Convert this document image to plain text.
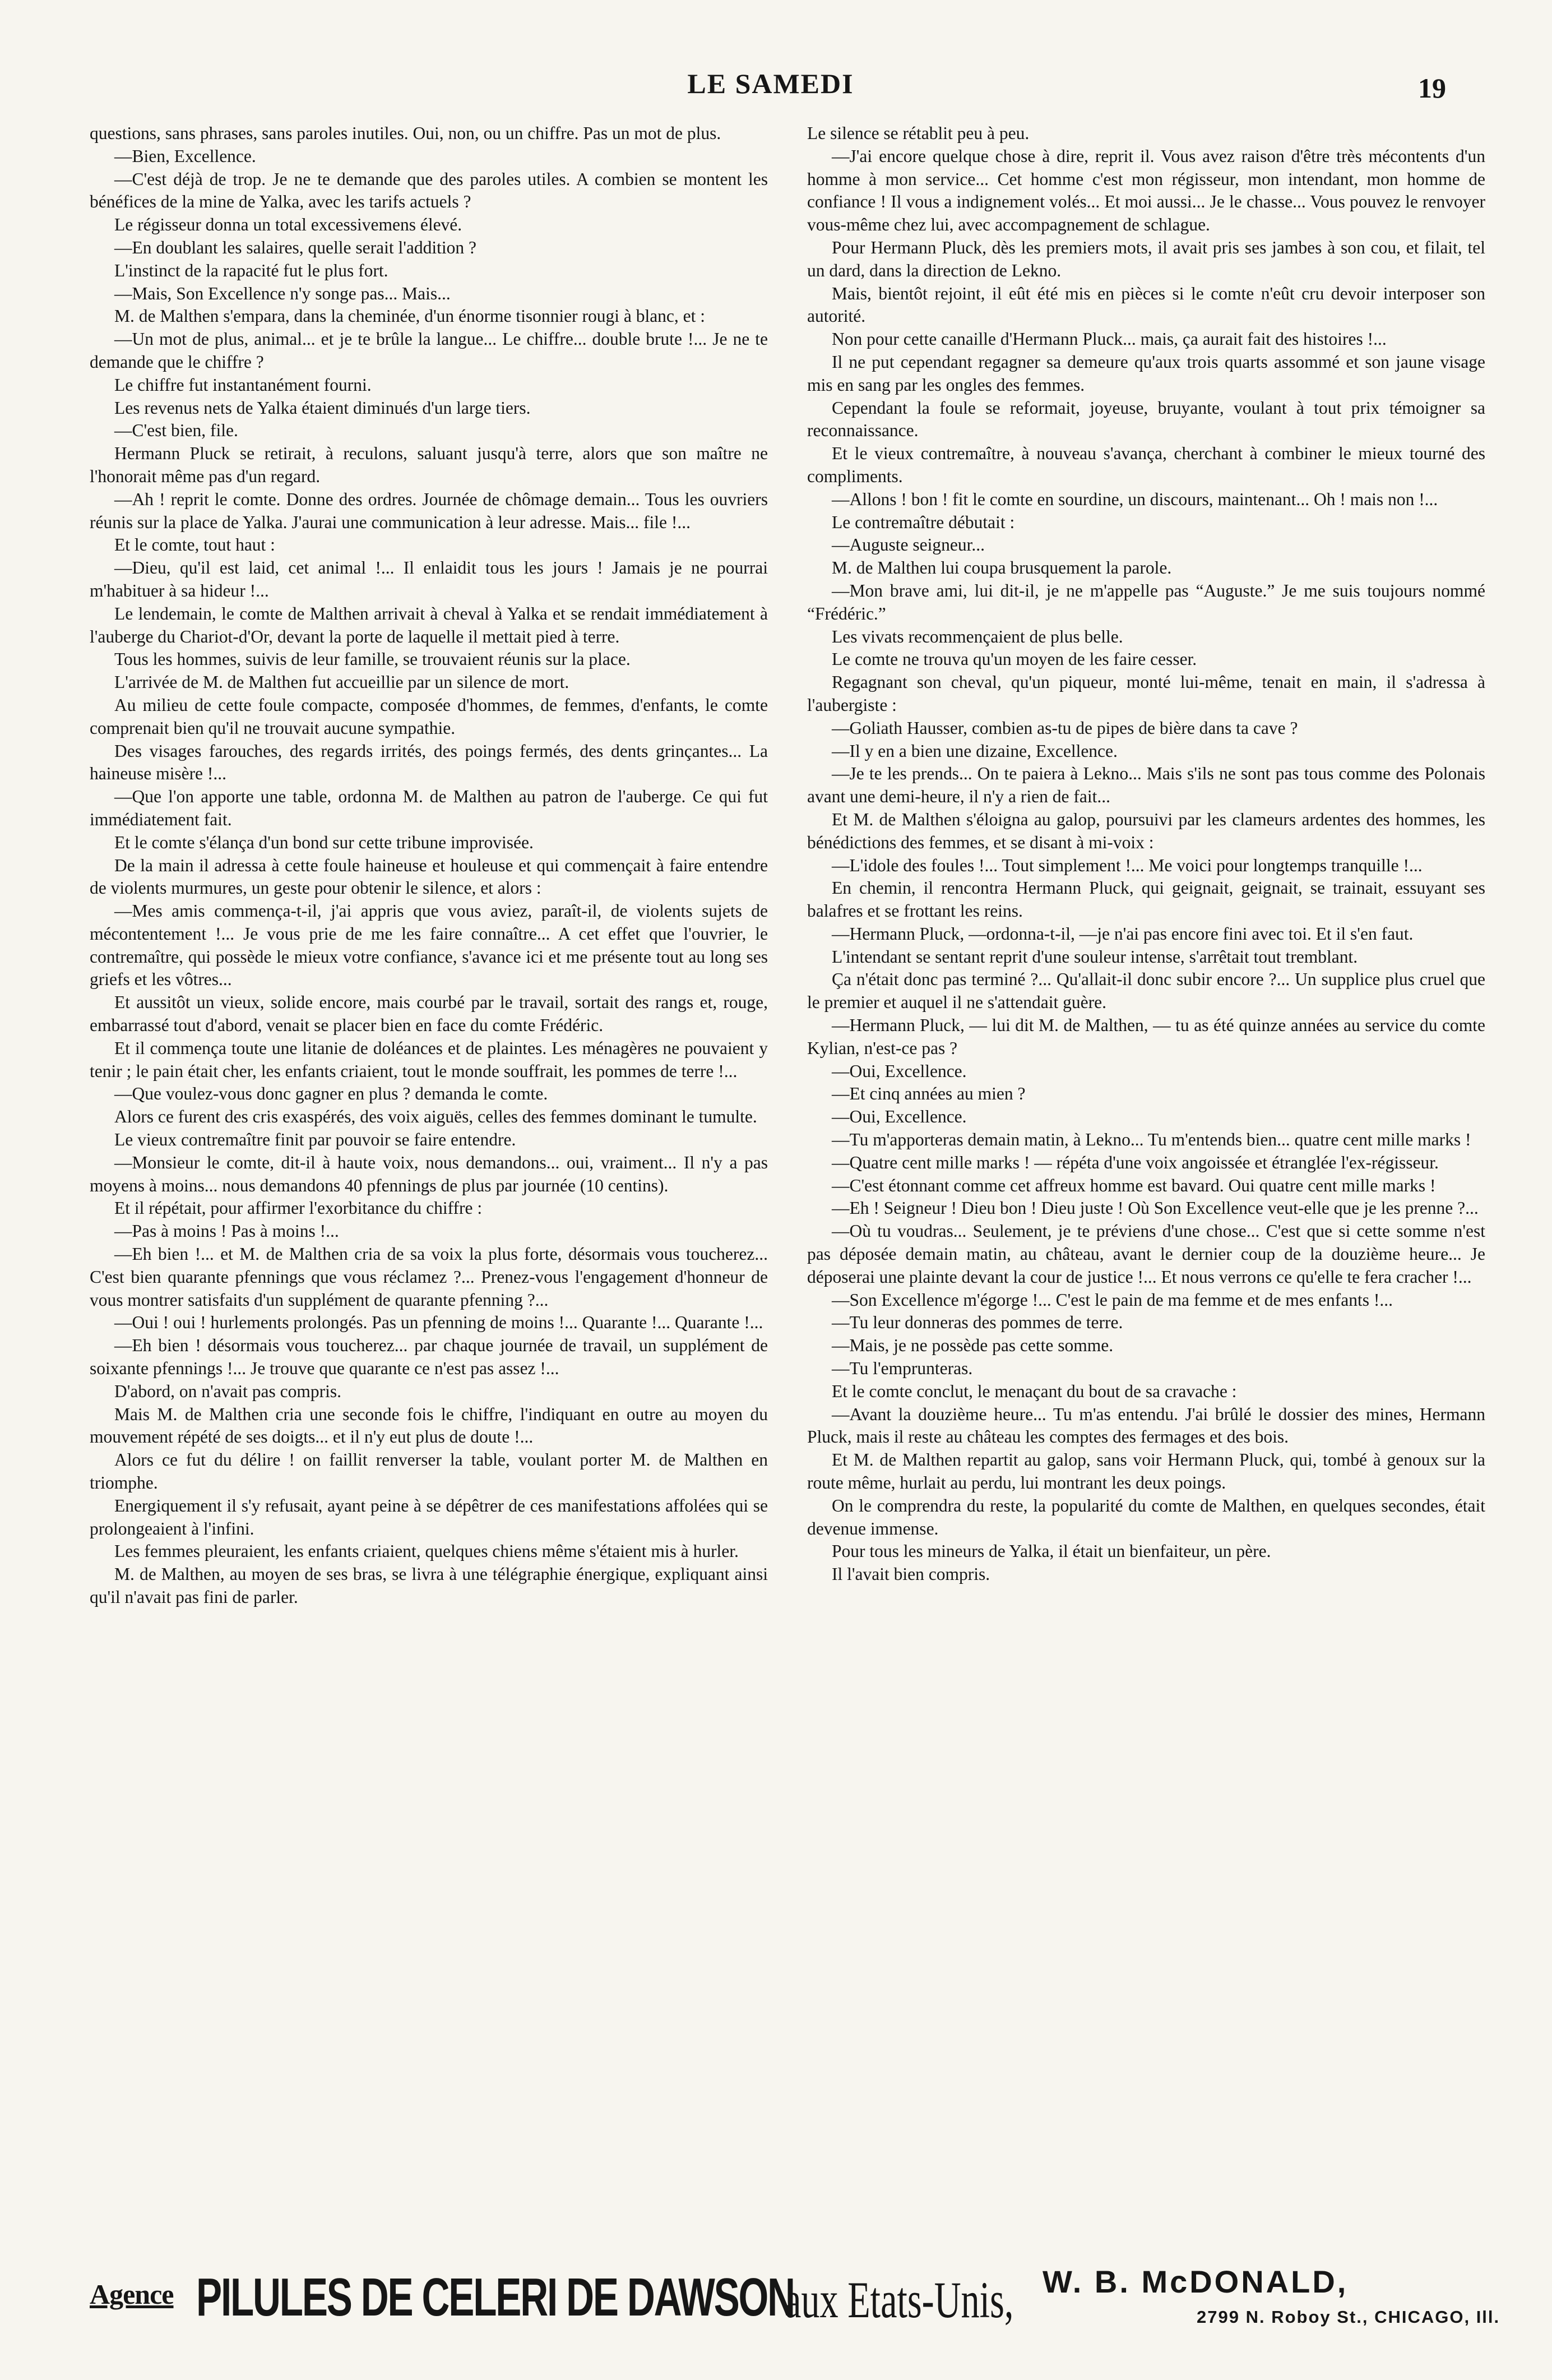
LE SAMEDI	19

questions, sans phrases, sans paroles inutiles. Oui, non, ou un chiffre. Pas un mot de plus.

—Bien, Excellence.

—C'est déjà de trop. Je ne te demande que des paroles utiles. A combien se montent les bénéfices de la mine de Yalka, avec les tarifs actuels ?

Le régisseur donna un total excessivemens élevé.

—En doublant les salaires, quelle serait l'addition ?

L'instinct de la rapacité fut le plus fort.

—Mais, Son Excellence n'y songe pas... Mais...

M. de Malthen s'empara, dans la cheminée, d'un énorme tisonnier rougi à blanc, et :

—Un mot de plus, animal... et je te brûle la langue... Le chiffre... double brute !... Je ne te demande que le chiffre ?

Le chiffre fut instantanément fourni.

Les revenus nets de Yalka étaient diminués d'un large tiers.

—C'est bien, file.

Hermann Pluck se retirait, à reculons, saluant jusqu'à terre, alors que son maître ne l'honorait même pas d'un regard.

—Ah ! reprit le comte. Donne des ordres. Journée de chômage demain... Tous les ouvriers réunis sur la place de Yalka. J'aurai une communication à leur adresse. Mais... file !...

Et le comte, tout haut :

—Dieu, qu'il est laid, cet animal !... Il enlaidit tous les jours ! Jamais je ne pourrai m'habituer à sa hideur !...

Le lendemain, le comte de Malthen arrivait à cheval à Yalka et se rendait immédiatement à l'auberge du Chariot-d'Or, devant la porte de laquelle il mettait pied à terre.

Tous les hommes, suivis de leur famille, se trouvaient réunis sur la place.

L'arrivée de M. de Malthen fut accueillie par un silence de mort.

Au milieu de cette foule compacte, composée d'hommes, de femmes, d'enfants, le comte comprenait bien qu'il ne trouvait aucune sympathie.

Des visages farouches, des regards irrités, des poings fermés, des dents grinçantes... La haineuse misère !...

—Que l'on apporte une table, ordonna M. de Malthen au patron de l'auberge. Ce qui fut immédiatement fait.

Et le comte s'élança d'un bond sur cette tribune improvisée.

De la main il adressa à cette foule haineuse et houleuse et qui commençait à faire entendre de violents murmures, un geste pour obtenir le silence, et alors :

—Mes amis commença-t-il, j'ai appris que vous aviez, paraît-il, de violents sujets de mécontentement !... Je vous prie de me les faire connaître... A cet effet que l'ouvrier, le contremaître, qui possède le mieux votre confiance, s'avance ici et me présente tout au long ses griefs et les vôtres...

Et aussitôt un vieux, solide encore, mais courbé par le travail, sortait des rangs et, rouge, embarrassé tout d'abord, venait se placer bien en face du comte Frédéric.

Et il commença toute une litanie de doléances et de plaintes. Les ménagères ne pouvaient y tenir ; le pain était cher, les enfants criaient, tout le monde souffrait, les pommes de terre !...

—Que voulez-vous donc gagner en plus ? demanda le comte.

Alors ce furent des cris exaspérés, des voix aiguës, celles des femmes dominant le tumulte.

Le vieux contremaître finit par pouvoir se faire entendre.

—Monsieur le comte, dit-il à haute voix, nous demandons... oui, vraiment... Il n'y a pas moyens à moins... nous demandons 40 pfennings de plus par journée (10 centins).

Et il répétait, pour affirmer l'exorbitance du chiffre :

—Pas à moins ! Pas à moins !...

—Eh bien !... et M. de Malthen cria de sa voix la plus forte, désormais vous toucherez... C'est bien quarante pfennings que vous réclamez ?... Prenez-vous l'engagement d'honneur de vous montrer satisfaits d'un supplément de quarante pfenning ?...

—Oui ! oui ! hurlements prolongés. Pas un pfenning de moins !... Quarante !... Quarante !...

—Eh bien ! désormais vous toucherez... par chaque journée de travail, un supplément de soixante pfennings !... Je trouve que quarante ce n'est pas assez !...

D'abord, on n'avait pas compris.

Mais M. de Malthen cria une seconde fois le chiffre, l'indiquant en outre au moyen du mouvement répété de ses doigts... et il n'y eut plus de doute !...

Alors ce fut du délire ! on faillit renverser la table, voulant porter M. de Malthen en triomphe.

Energiquement il s'y refusait, ayant peine à se dépêtrer de ces manifestations affolées qui se prolongeaient à l'infini.

Les femmes pleuraient, les enfants criaient, quelques chiens même s'étaient mis à hurler.

M. de Malthen, au moyen de ses bras, se livra à une télégraphie énergique, expliquant ainsi qu'il n'avait pas fini de parler.

Le silence se rétablit peu à peu.

—J'ai encore quelque chose à dire, reprit il. Vous avez raison d'être très mécontents d'un homme à mon service... Cet homme c'est mon régisseur, mon intendant, mon homme de confiance ! Il vous a indignement volés... Et moi aussi... Je le chasse... Vous pouvez le renvoyer vous-même chez lui, avec accompagnement de schlague.

Pour Hermann Pluck, dès les premiers mots, il avait pris ses jambes à son cou, et filait, tel un dard, dans la direction de Lekno.

Mais, bientôt rejoint, il eût été mis en pièces si le comte n'eût cru devoir interposer son autorité.

Non pour cette canaille d'Hermann Pluck... mais, ça aurait fait des histoires !...

Il ne put cependant regagner sa demeure qu'aux trois quarts assommé et son jaune visage mis en sang par les ongles des femmes.

Cependant la foule se reformait, joyeuse, bruyante, voulant à tout prix témoigner sa reconnaissance.

Et le vieux contremaître, à nouveau s'avança, cherchant à combiner le mieux tourné des compliments.

—Allons ! bon ! fit le comte en sourdine, un discours, maintenant... Oh ! mais non !...

Le contremaître débutait :

—Auguste seigneur...

M. de Malthen lui coupa brusquement la parole.

—Mon brave ami, lui dit-il, je ne m'appelle pas “Auguste.” Je me suis toujours nommé “Frédéric.”

Les vivats recommençaient de plus belle.

Le comte ne trouva qu'un moyen de les faire cesser.

Regagnant son cheval, qu'un piqueur, monté lui-même, tenait en main, il s'adressa à l'aubergiste :

—Goliath Hausser, combien as-tu de pipes de bière dans ta cave ?

—Il y en a bien une dizaine, Excellence.

—Je te les prends... On te paiera à Lekno... Mais s'ils ne sont pas tous comme des Polonais avant une demi-heure, il n'y a rien de fait...

Et M. de Malthen s'éloigna au galop, poursuivi par les clameurs ardentes des hommes, les bénédictions des femmes, et se disant à mi-voix :

—L'idole des foules !... Tout simplement !... Me voici pour longtemps tranquille !...

En chemin, il rencontra Hermann Pluck, qui geignait, geignait, se trainait, essuyant ses balafres et se frottant les reins.

—Hermann Pluck, —ordonna-t-il, —je n'ai pas encore fini avec toi. Et il s'en faut.

L'intendant se sentant reprit d'une souleur intense, s'arrêtait tout tremblant.

Ça n'était donc pas terminé ?... Qu'allait-il donc subir encore ?... Un supplice plus cruel que le premier et auquel il ne s'attendait guère.

—Hermann Pluck, — lui dit M. de Malthen, — tu as été quinze années au service du comte Kylian, n'est-ce pas ?

—Oui, Excellence.

—Et cinq années au mien ?

—Oui, Excellence.

—Tu m'apporteras demain matin, à Lekno... Tu m'entends bien... quatre cent mille marks !

—Quatre cent mille marks ! — répéta d'une voix angoissée et étranglée l'ex-régisseur.

—C'est étonnant comme cet affreux homme est bavard. Oui quatre cent mille marks !

—Eh ! Seigneur ! Dieu bon ! Dieu juste ! Où Son Excellence veut-elle que je les prenne ?...

—Où tu voudras... Seulement, je te préviens d'une chose... C'est que si cette somme n'est pas déposée demain matin, au château, avant le dernier coup de la douzième heure... Je déposerai une plainte devant la cour de justice !... Et nous verrons ce qu'elle te fera cracher !...

—Son Excellence m'égorge !... C'est le pain de ma femme et de mes enfants !...

—Tu leur donneras des pommes de terre.

—Mais, je ne possède pas cette somme.

—Tu l'emprunteras.

Et le comte conclut, le menaçant du bout de sa cravache :

—Avant la douzième heure... Tu m'as entendu. J'ai brûlé le dossier des mines, Hermann Pluck, mais il reste au château les comptes des fermages et des bois.

Et M. de Malthen repartit au galop, sans voir Hermann Pluck, qui, tombé à genoux sur la route même, hurlait au perdu, lui montrant les deux poings.

On le comprendra du reste, la popularité du comte de Malthen, en quelques secondes, était devenue immense.

Pour tous les mineurs de Yalka, il était un bienfaiteur, un père.

Il l'avait bien compris.

Agence PILULES DE CELERI DE DAWSON
aux Etats-Unis, W. B. McDONALD,
2799 N. Roboy St., CHICAGO, Ill.
